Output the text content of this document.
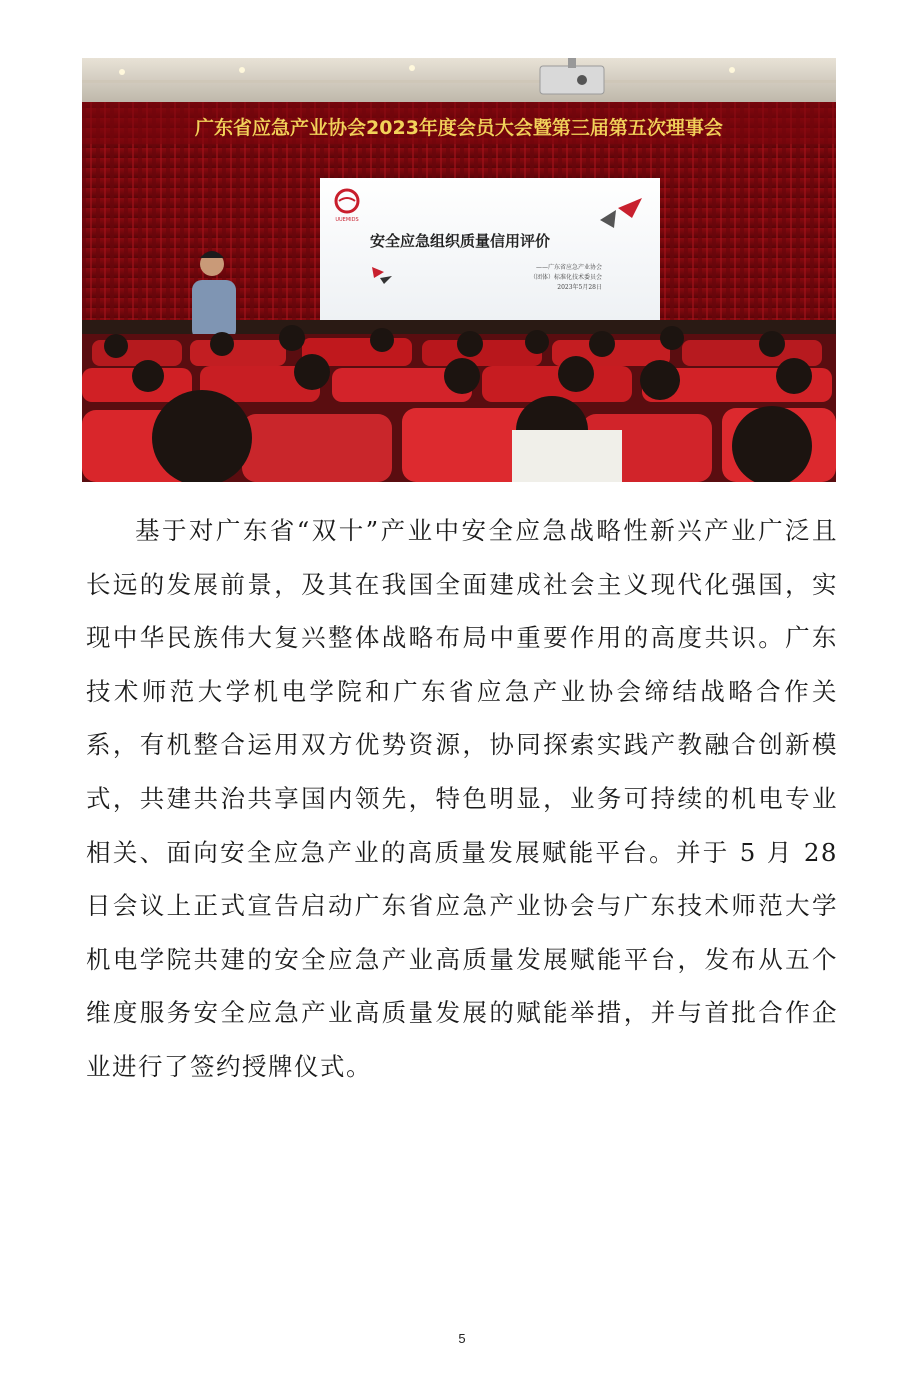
广东省应急产业协会2023年度会员大会暨第三届第五次理事会
UUEMIDS
安全应急组织质量信用评价
——广东省应急产业协会
（团体）标准化技术委员会
2023年5月28日

基于对广东省“双十”产业中安全应急战略性新兴产业广泛且长远的发展前景，及其在我国全面建成社会主义现代化强国，实现中华民族伟大复兴整体战略布局中重要作用的高度共识。广东技术师范大学机电学院和广东省应急产业协会缔结战略合作关系，有机整合运用双方优势资源，协同探索实践产教融合创新模式，共建共治共享国内领先，特色明显，业务可持续的机电专业相关、面向安全应急产业的高质量发展赋能平台。并于 5 月 28 日会议上正式宣告启动广东省应急产业协会与广东技术师范大学机电学院共建的安全应急产业高质量发展赋能平台，发布从五个维度服务安全应急产业高质量发展的赋能举措，并与首批合作企业进行了签约授牌仪式。

5
